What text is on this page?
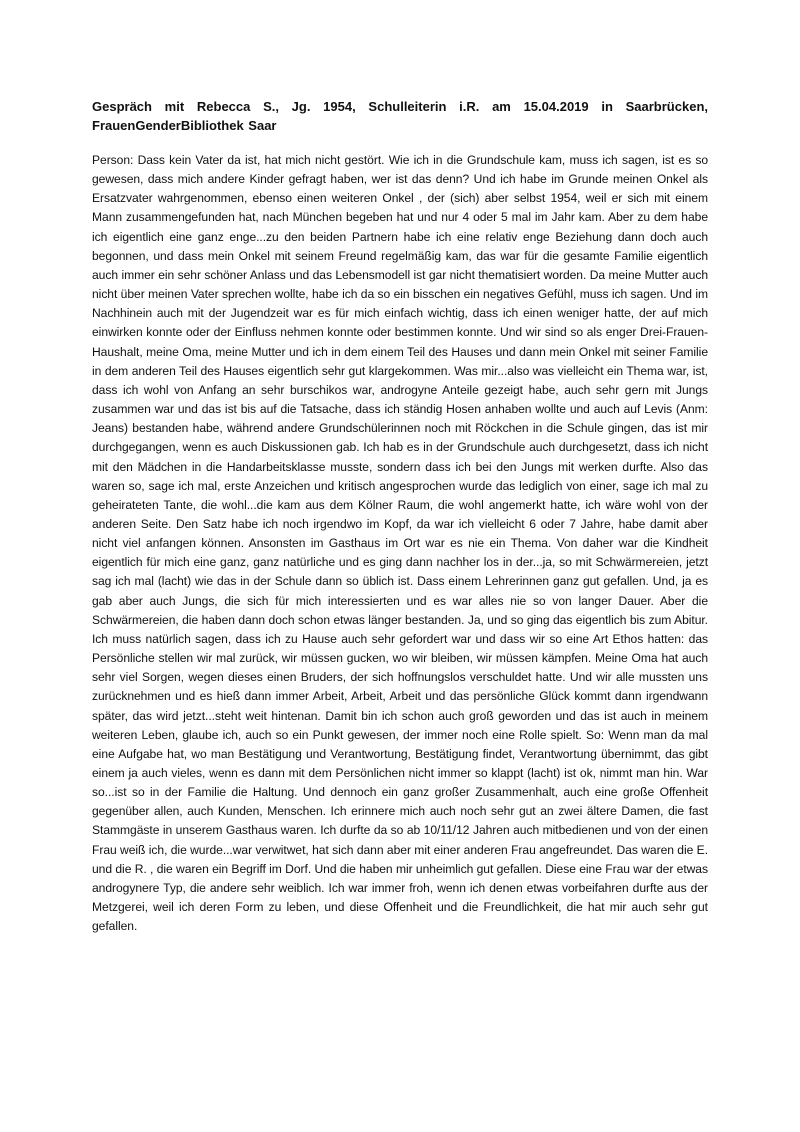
Gespräch mit Rebecca S., Jg. 1954, Schulleiterin i.R. am 15.04.2019 in Saarbrücken,
FrauenGenderBibliothek Saar

Person: Dass kein Vater da ist, hat mich nicht gestört. Wie ich in die Grundschule kam, muss ich sagen, ist es so gewesen, dass mich andere Kinder gefragt haben, wer ist das denn? Und ich habe im Grunde meinen Onkel als Ersatzvater wahrgenommen, ebenso einen weiteren Onkel , der (sich) aber selbst 1954, weil er sich mit einem Mann zusammengefunden hat, nach München begeben hat und nur 4 oder 5 mal im Jahr kam. Aber zu dem habe ich eigentlich eine ganz enge...zu den beiden Partnern habe ich eine relativ enge Beziehung dann doch auch begonnen, und dass mein Onkel mit seinem Freund regelmäßig kam, das war für die gesamte Familie eigentlich auch immer ein sehr schöner Anlass und das Lebensmodell ist gar nicht thematisiert worden. Da meine Mutter auch nicht über meinen Vater sprechen wollte, habe ich da so ein bisschen ein negatives Gefühl, muss ich sagen. Und im Nachhinein auch mit der Jugendzeit war es für mich einfach wichtig, dass ich einen weniger hatte, der auf mich einwirken konnte oder der Einfluss nehmen konnte oder bestimmen konnte. Und wir sind so als enger Drei-Frauen-Haushalt, meine Oma, meine Mutter und ich in dem einem Teil des Hauses und dann mein Onkel mit seiner Familie in dem anderen Teil des Hauses eigentlich sehr gut klargekommen. Was mir...also was vielleicht ein Thema war, ist, dass ich wohl von Anfang an sehr burschikos war, androgyne Anteile gezeigt habe, auch sehr gern mit Jungs zusammen war und das ist bis auf die Tatsache, dass ich ständig Hosen anhaben wollte und auch auf Levis (Anm: Jeans) bestanden habe, während andere Grundschülerinnen noch mit Röckchen in die Schule gingen, das ist mir durchgegangen, wenn es auch Diskussionen gab. Ich hab es in der Grundschule auch durchgesetzt, dass ich nicht mit den Mädchen in die Handarbeitsklasse musste, sondern dass ich bei den Jungs mit werken durfte. Also das waren so, sage ich mal, erste Anzeichen und kritisch angesprochen wurde das lediglich von einer, sage ich mal zu geheirateten Tante, die wohl...die kam aus dem Kölner Raum, die wohl angemerkt hatte, ich wäre wohl von der anderen Seite. Den Satz habe ich noch irgendwo im Kopf, da war ich vielleicht 6 oder 7 Jahre, habe damit aber nicht viel anfangen können. Ansonsten im Gasthaus im Ort war es nie ein Thema. Von daher war die Kindheit eigentlich für mich eine ganz, ganz natürliche und es ging dann nachher los in der...ja, so mit Schwärmereien, jetzt sag ich mal (lacht) wie das in der Schule dann so üblich ist. Dass einem Lehrerinnen ganz gut gefallen. Und, ja es gab aber auch Jungs, die sich für mich interessierten und es war alles nie so von langer Dauer. Aber die Schwärmereien, die haben dann doch schon etwas länger bestanden. Ja, und so ging das eigentlich bis zum Abitur. Ich muss natürlich sagen, dass ich zu Hause auch sehr gefordert war und dass wir so eine Art Ethos hatten: das Persönliche stellen wir mal zurück, wir müssen gucken, wo wir bleiben, wir müssen kämpfen. Meine Oma hat auch sehr viel Sorgen, wegen dieses einen Bruders, der sich hoffnungslos verschuldet hatte. Und wir alle mussten uns zurücknehmen und es hieß dann immer Arbeit, Arbeit, Arbeit und das persönliche Glück kommt dann irgendwann später, das wird jetzt...steht weit hintenan. Damit bin ich schon auch groß geworden und das ist auch in meinem weiteren Leben, glaube ich, auch so ein Punkt gewesen, der immer noch eine Rolle spielt. So: Wenn man da mal eine Aufgabe hat, wo man Bestätigung und Verantwortung, Bestätigung findet, Verantwortung übernimmt, das gibt einem ja auch vieles, wenn es dann mit dem Persönlichen nicht immer so klappt (lacht) ist ok, nimmt man hin. War so...ist so in der Familie die Haltung. Und dennoch ein ganz großer Zusammenhalt, auch eine große Offenheit gegenüber allen, auch Kunden, Menschen. Ich erinnere mich auch noch sehr gut an zwei ältere Damen, die fast Stammgäste in unserem Gasthaus waren. Ich durfte da so ab 10/11/12 Jahren auch mitbedienen und von der einen Frau weiß ich, die wurde...war verwitwet, hat sich dann aber mit einer anderen Frau angefreundet. Das waren die E. und die R. , die waren ein Begriff im Dorf. Und die haben mir unheimlich gut gefallen. Diese eine Frau war der etwas androgynere Typ, die andere sehr weiblich. Ich war immer froh, wenn ich denen etwas vorbeifahren durfte aus der Metzgerei, weil ich deren Form zu leben, und diese Offenheit und die Freundlichkeit, die hat mir auch sehr gut gefallen.
